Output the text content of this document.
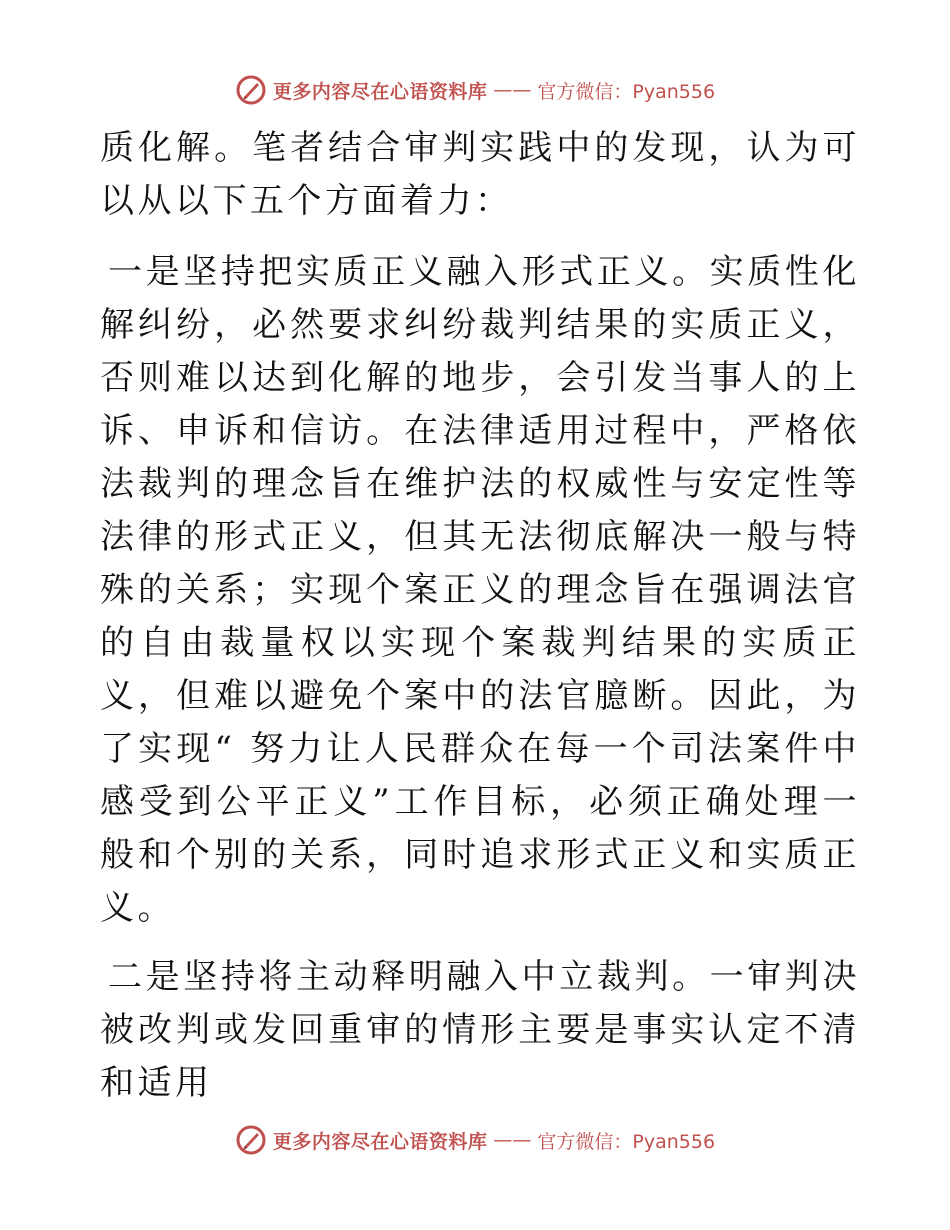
更多内容尽在心语资料库 —— 官方微信：Pyan556

质化解。笔者结合审判实践中的发现，认为可以从以下五个方面着力：

一是坚持把实质正义融入形式正义。实质性化解纠纷，必然要求纠纷裁判结果的实质正义，否则难以达到化解的地步，会引发当事人的上诉、申诉和信访。在法律适用过程中，严格依法裁判的理念旨在维护法的权威性与安定性等法律的形式正义，但其无法彻底解决一般与特殊的关系；实现个案正义的理念旨在强调法官的自由裁量权以实现个案裁判结果的实质正义，但难以避免个案中的法官臆断。因此，为了实现“ 努力让人民群众在每一个司法案件中感受到公平正义”工作目标，必须正确处理一般和个别的关系，同时追求形式正义和实质正义。

二是坚持将主动释明融入中立裁判。一审判决被改判或发回重审的情形主要是事实认定不清和适用

更多内容尽在心语资料库 —— 官方微信：Pyan556
